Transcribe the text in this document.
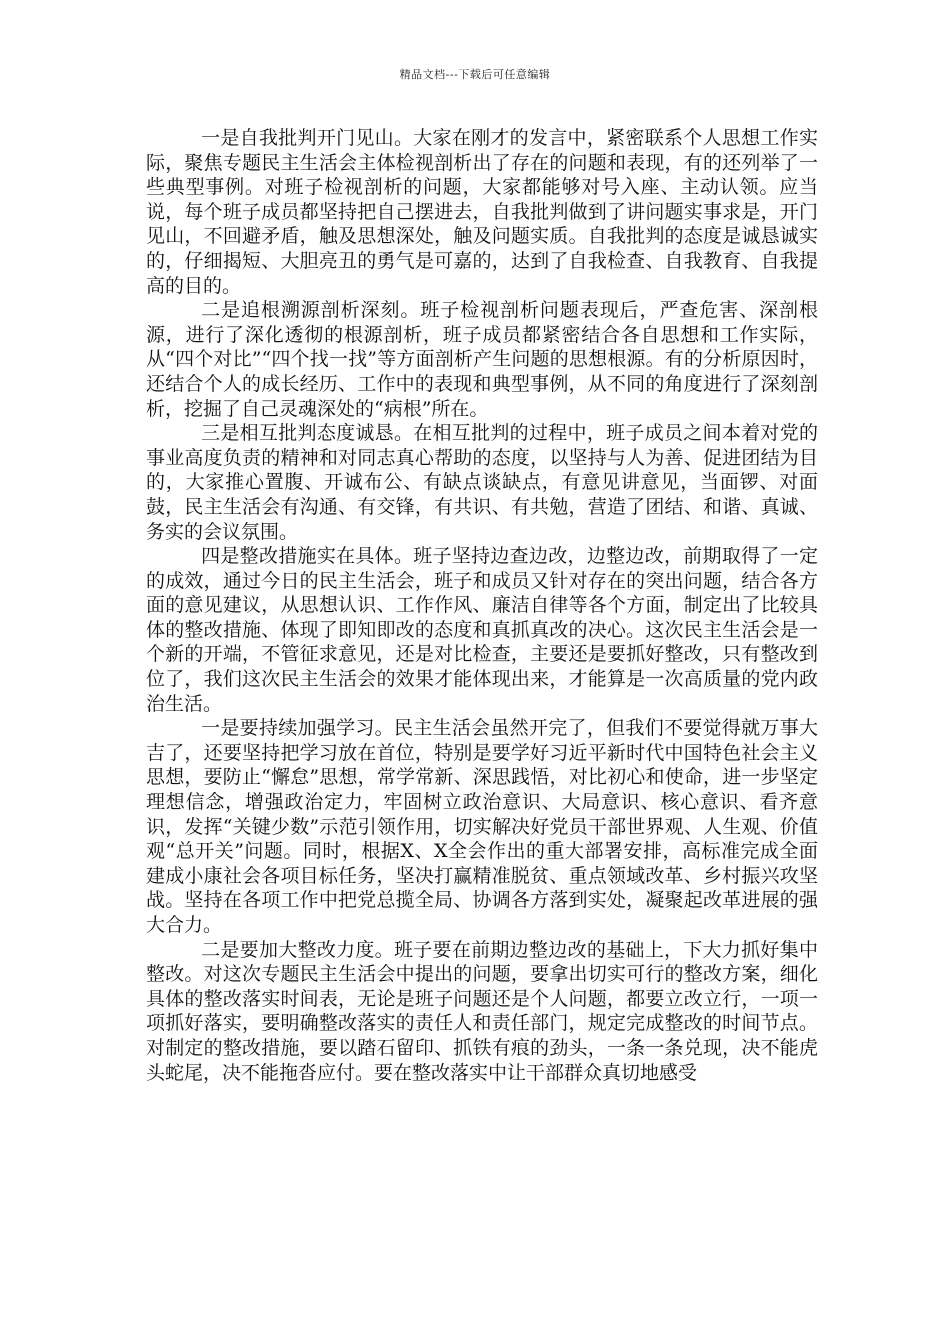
精品文档---下载后可任意编辑

一是自我批判开门见山。大家在刚才的发言中，紧密联系个人思想工作实际，聚焦专题民主生活会主体检视剖析出了存在的问题和表现，有的还列举了一些典型事例。对班子检视剖析的问题，大家都能够对号入座、主动认领。应当说，每个班子成员都坚持把自己摆进去，自我批判做到了讲问题实事求是，开门见山，不回避矛盾，触及思想深处，触及问题实质。自我批判的态度是诚恳诚实的，仔细揭短、大胆亮丑的勇气是可嘉的，达到了自我检查、自我教育、自我提高的目的。

二是追根溯源剖析深刻。班子检视剖析问题表现后，严查危害、深剖根源，进行了深化透彻的根源剖析，班子成员都紧密结合各自思想和工作实际，从“四个对比”“四个找一找”等方面剖析产生问题的思想根源。有的分析原因时，还结合个人的成长经历、工作中的表现和典型事例，从不同的角度进行了深刻剖析，挖掘了自己灵魂深处的“病根”所在。

三是相互批判态度诚恳。在相互批判的过程中，班子成员之间本着对党的事业高度负责的精神和对同志真心帮助的态度，以坚持与人为善、促进团结为目的，大家推心置腹、开诚布公、有缺点谈缺点，有意见讲意见，当面锣、对面鼓，民主生活会有沟通、有交锋，有共识、有共勉，营造了团结、和谐、真诚、务实的会议氛围。

四是整改措施实在具体。班子坚持边查边改，边整边改，前期取得了一定的成效，通过今日的民主生活会，班子和成员又针对存在的突出问题，结合各方面的意见建议，从思想认识、工作作风、廉洁自律等各个方面，制定出了比较具体的整改措施、体现了即知即改的态度和真抓真改的决心。这次民主生活会是一个新的开端，不管征求意见，还是对比检查，主要还是要抓好整改，只有整改到位了，我们这次民主生活会的效果才能体现出来，才能算是一次高质量的党内政治生活。

一是要持续加强学习。民主生活会虽然开完了，但我们不要觉得就万事大吉了，还要坚持把学习放在首位，特别是要学好习近平新时代中国特色社会主义思想，要防止“懈怠”思想，常学常新、深思践悟，对比初心和使命，进一步坚定理想信念，增强政治定力，牢固树立政治意识、大局意识、核心意识、看齐意识，发挥“关键少数”示范引领作用，切实解决好党员干部世界观、人生观、价值观“总开关”问题。同时，根据X、X全会作出的重大部署安排，高标准完成全面建成小康社会各项目标任务，坚决打赢精准脱贫、重点领域改革、乡村振兴攻坚战。坚持在各项工作中把党总揽全局、协调各方落到实处，凝聚起改革进展的强大合力。

二是要加大整改力度。班子要在前期边整边改的基础上，下大力抓好集中整改。对这次专题民主生活会中提出的问题，要拿出切实可行的整改方案，细化具体的整改落实时间表，无论是班子问题还是个人问题，都要立改立行，一项一项抓好落实，要明确整改落实的责任人和责任部门，规定完成整改的时间节点。对制定的整改措施，要以踏石留印、抓铁有痕的劲头，一条一条兑现，决不能虎头蛇尾，决不能拖沓应付。要在整改落实中让干部群众真切地感受
